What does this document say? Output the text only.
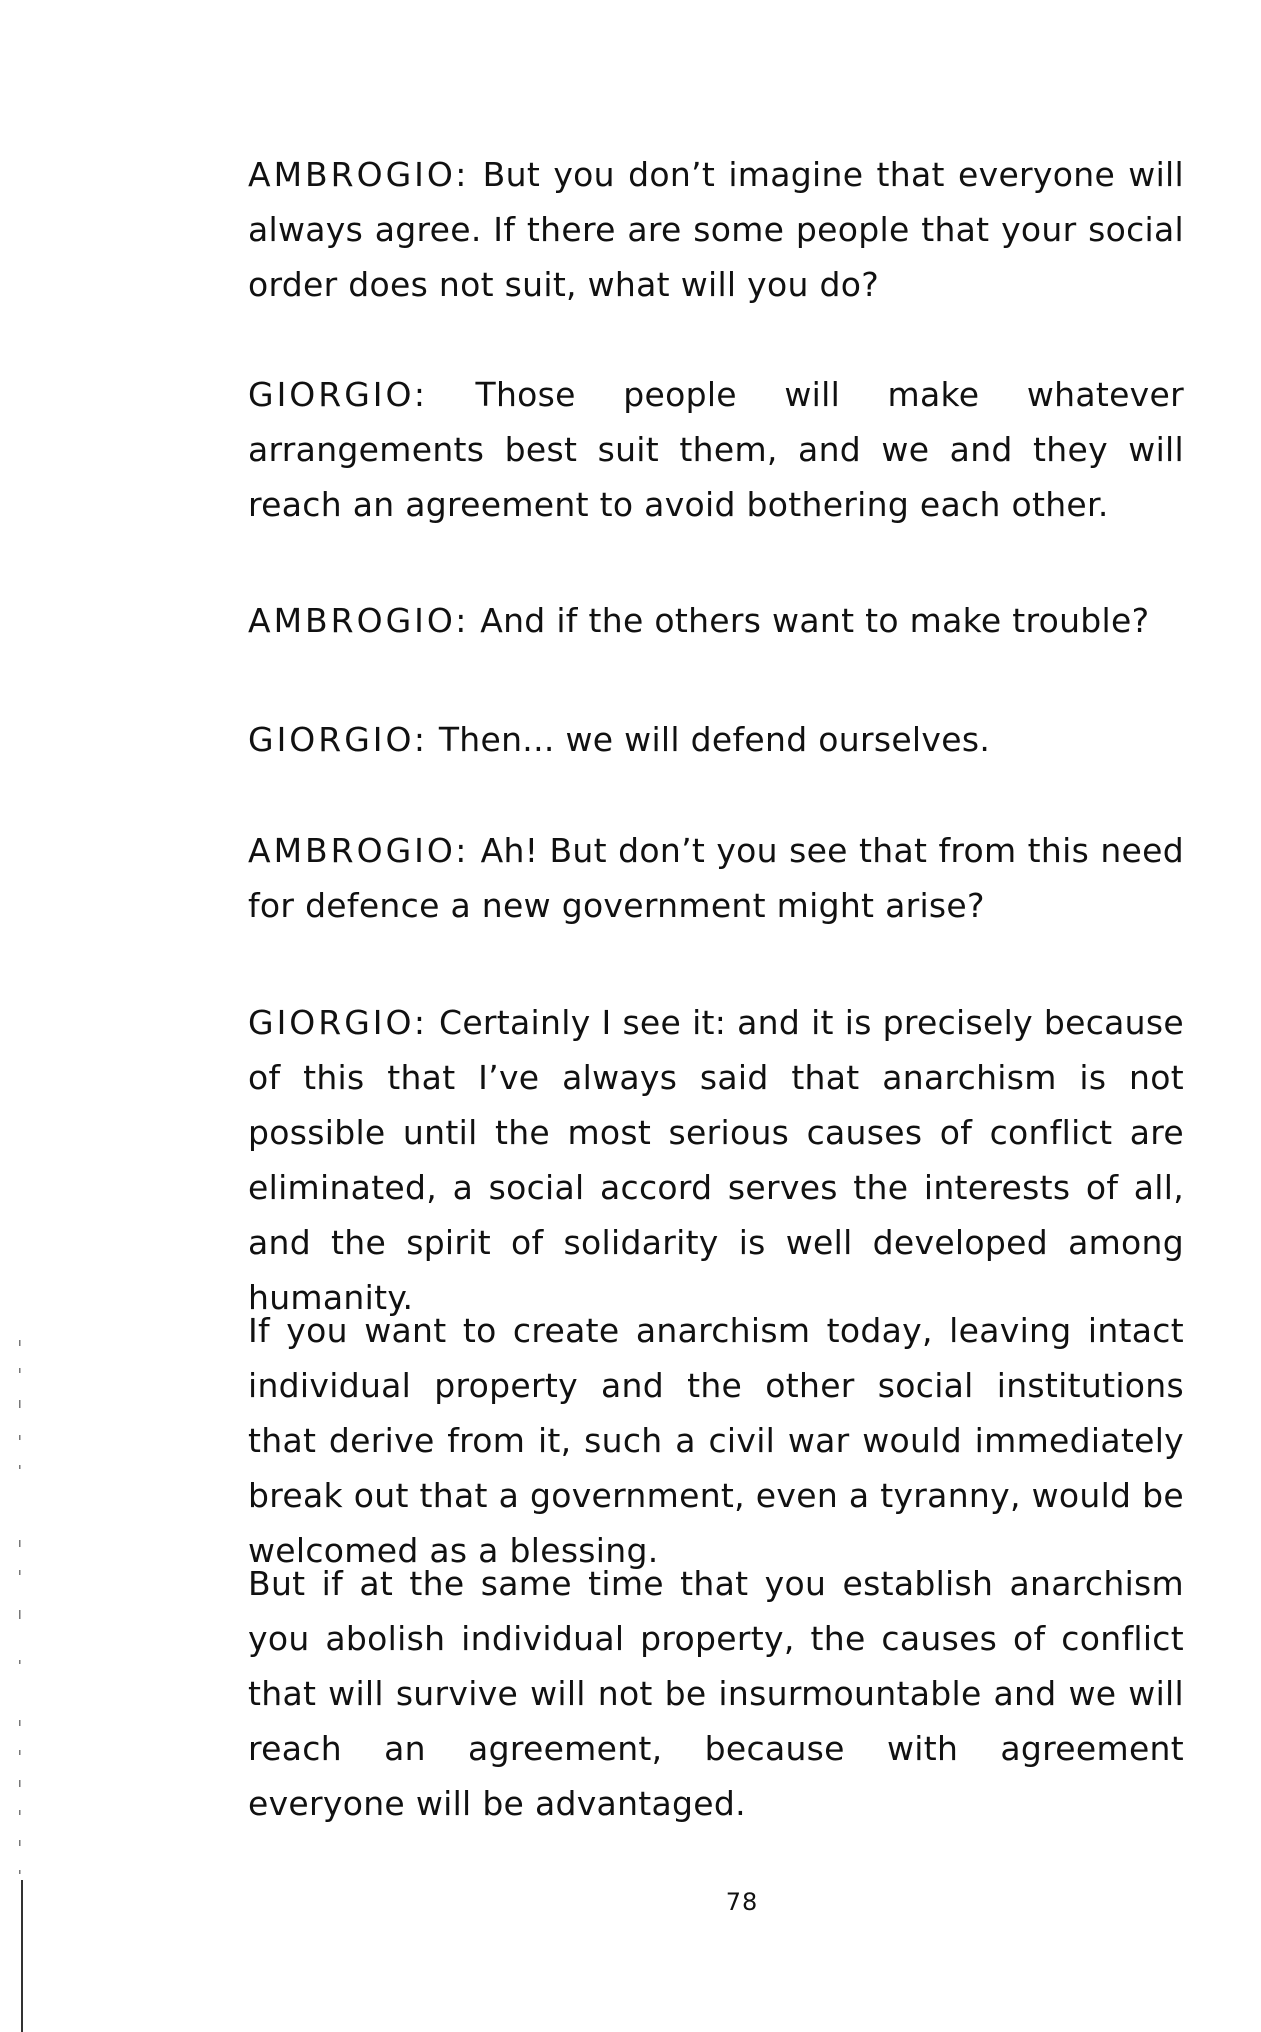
AMBROGIO: But you don’t imagine that everyone will always agree. If there are some people that your social order does not suit, what will you do?

GIORGIO: Those people will make whatever arrangements best suit them, and we and they will reach an agreement to avoid bothering each other.

AMBROGIO: And if the others want to make trouble?

GIORGIO: Then... we will defend ourselves.

AMBROGIO: Ah! But don’t you see that from this need for defence a new government might arise?

GIORGIO: Certainly I see it: and it is precisely because of this that I’ve always said that anarchism is not possible until the most serious causes of conflict are eliminated, a social accord serves the interests of all, and the spirit of solidarity is well developed among humanity.

If you want to create anarchism today, leaving intact individual property and the other social institutions that derive from it, such a civil war would immediately break out that a government, even a tyranny, would be welcomed as a blessing.

But if at the same time that you establish anarchism you abolish individual property, the causes of conflict that will survive will not be insurmountable and we will reach an agreement, because with agreement everyone will be advantaged.

78
